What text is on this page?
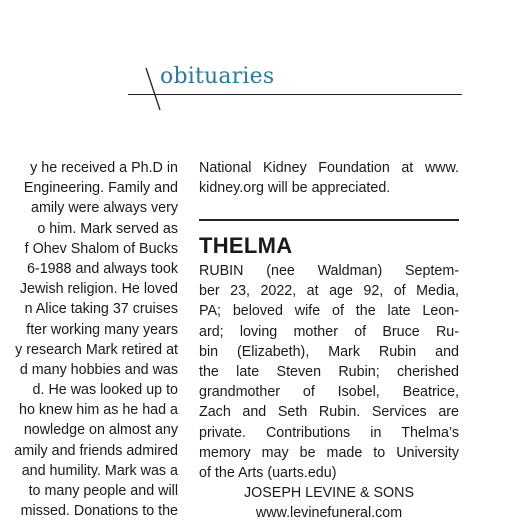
obituaries
y he received a Ph.D in
Engineering. Family and
amily were always very
o him. Mark served as
f Ohev Shalom of Bucks
6-1988 and always took
Jewish religion. He loved
n Alice taking 37 cruises
fter working many years
y research Mark retired at
d many hobbies and was
d. He was looked up to
ho knew him as he had a
nowledge on almost any
amily and friends admired
and humility. Mark was a
to many people and will
missed. Donations to the
National Kidney Foundation at www.
kidney.org will be appreciated.
THELMA
RUBIN (nee Waldman) Septem-
ber 23, 2022, at age 92, of Media,
PA; beloved wife of the late Leon-
ard; loving mother of Bruce Ru-
bin (Elizabeth), Mark Rubin and
the late Steven Rubin; cherished
grandmother of Isobel, Beatrice,
Zach and Seth Rubin. Services are
private. Contributions in Thelma’s
memory may be made to University
of the Arts (uarts.edu)
JOSEPH LEVINE & SONS
www.levinefuneral.com
